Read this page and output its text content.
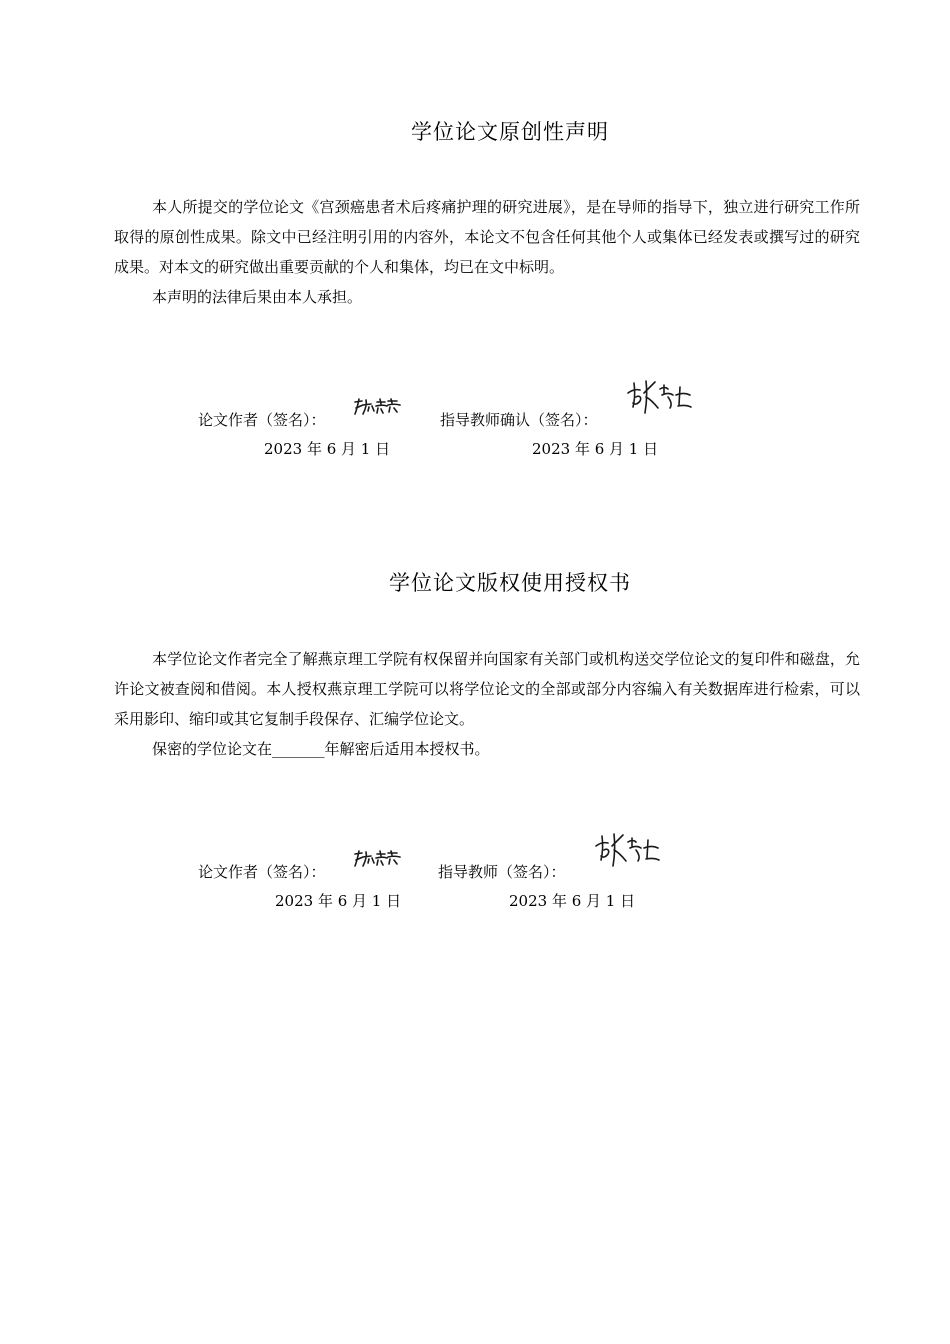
学位论文原创性声明

本人所提交的学位论文《宫颈癌患者术后疼痛护理的研究进展》，是在导师的指导下，独立进行研究工作所取得的原创性成果。除文中已经注明引用的内容外，本论文不包含任何其他个人或集体已经发表或撰写过的研究成果。对本文的研究做出重要贡献的个人和集体，均已在文中标明。

本声明的法律后果由本人承担。

论文作者（签名）：	指导教师确认（签名）：
2023 年 6 月 1 日	2023 年 6 月 1 日
学位论文版权使用授权书

本学位论文作者完全了解燕京理工学院有权保留并向国家有关部门或机构送交学位论文的复印件和磁盘，允许论文被查阅和借阅。本人授权燕京理工学院可以将学位论文的全部或部分内容编入有关数据库进行检索，可以采用影印、缩印或其它复制手段保存、汇编学位论文。

保密的学位论文在_______年解密后适用本授权书。

论文作者（签名）：	指导教师（签名）：
2023 年 6 月 1 日	2023 年 6 月 1 日
